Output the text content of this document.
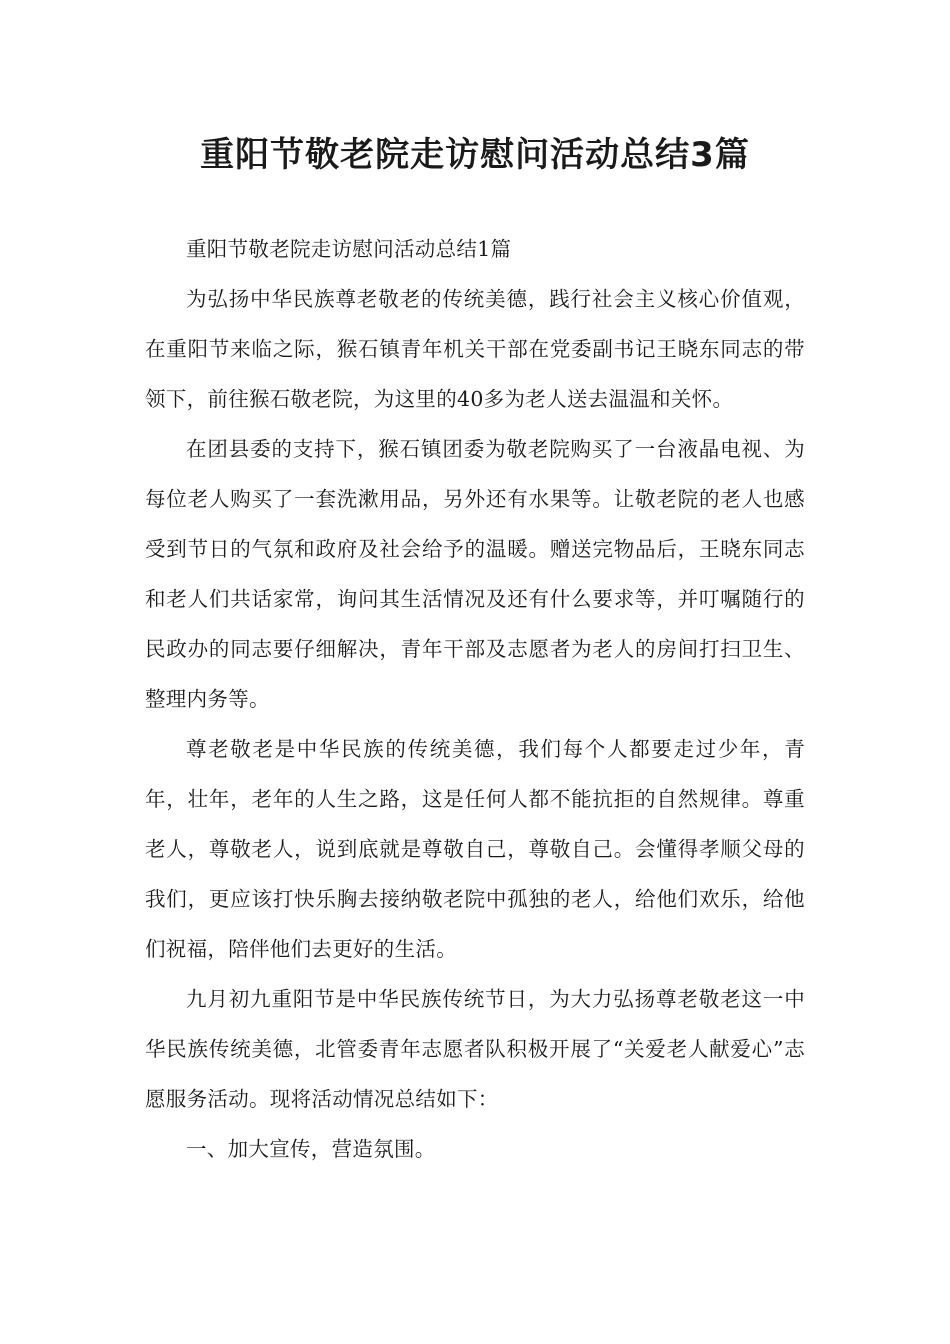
重阳节敬老院走访慰问活动总结3篇

重阳节敬老院走访慰问活动总结1篇

为弘扬中华民族尊老敬老的传统美德，践行社会主义核心价值观，在重阳节来临之际，猴石镇青年机关干部在党委副书记王晓东同志的带领下，前往猴石敬老院，为这里的40多为老人送去温温和关怀。

在团县委的支持下，猴石镇团委为敬老院购买了一台液晶电视、为每位老人购买了一套洗漱用品，另外还有水果等。让敬老院的老人也感受到节日的气氛和政府及社会给予的温暖。赠送完物品后，王晓东同志和老人们共话家常，询问其生活情况及还有什么要求等，并叮嘱随行的民政办的同志要仔细解决，青年干部及志愿者为老人的房间打扫卫生、整理内务等。

尊老敬老是中华民族的传统美德，我们每个人都要走过少年，青年，壮年，老年的人生之路，这是任何人都不能抗拒的自然规律。尊重老人，尊敬老人，说到底就是尊敬自己，尊敬自己。会懂得孝顺父母的我们，更应该打快乐胸去接纳敬老院中孤独的老人，给他们欢乐，给他们祝福，陪伴他们去更好的生活。

九月初九重阳节是中华民族传统节日，为大力弘扬尊老敬老这一中华民族传统美德，北管委青年志愿者队积极开展了“关爱老人献爱心”志愿服务活动。现将活动情况总结如下：

一、加大宣传，营造氛围。
